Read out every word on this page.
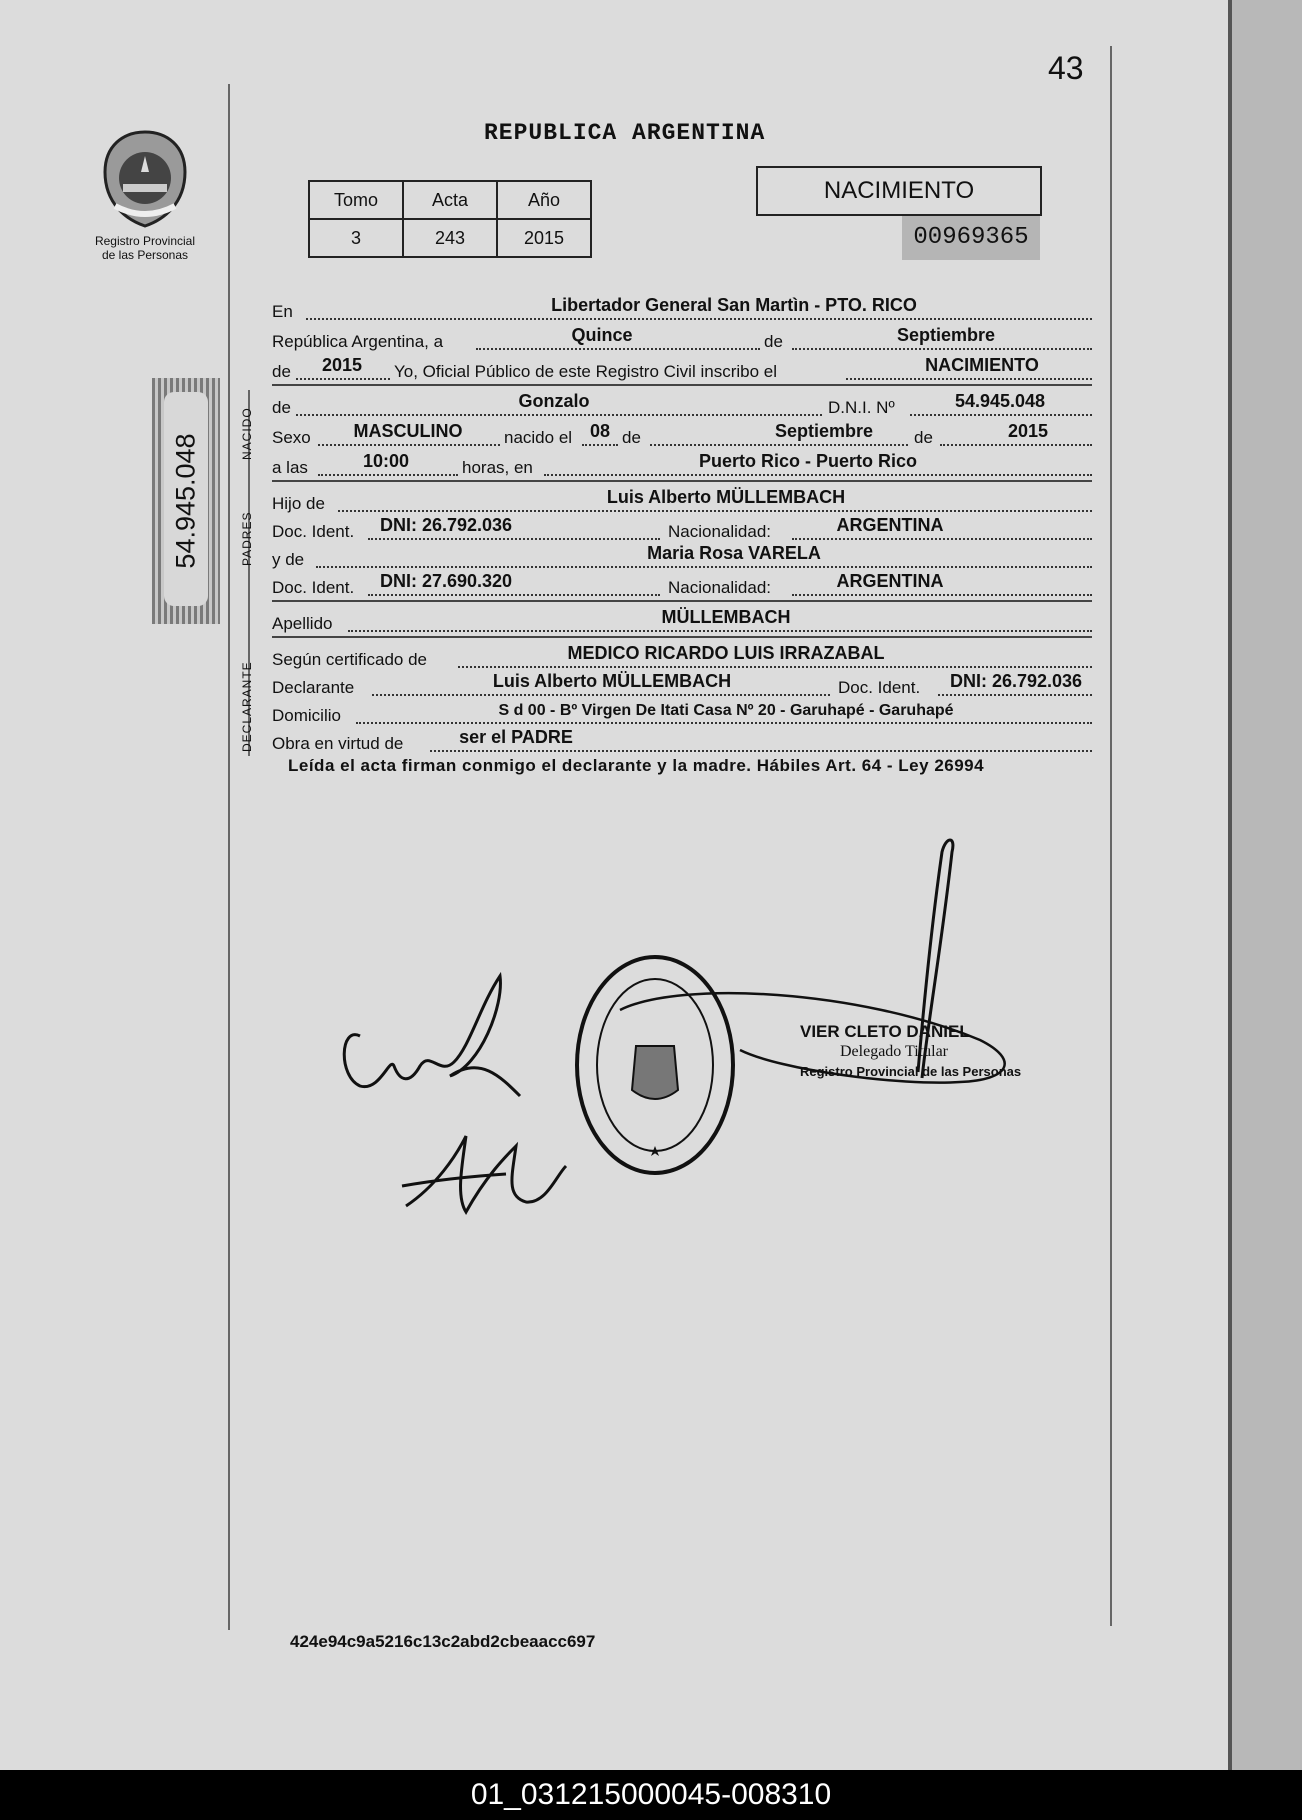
43
REPUBLICA ARGENTINA
Registro Provincial de las Personas
Tomo	Acta	Año
3	243	2015
NACIMIENTO
00969365
54.945.048	NACIDO
PADRES
DECLARANTE
En	Libertador General San Martìn - PTO. RICO
República Argentina, a	Quince	de	Septiembre
de 2015 Yo, Oficial Público de este Registro Civil inscribo el	NACIMIENTO
de	Gonzalo	D.N.I. Nº	54.945.048
Sexo MASCULINO nacido el 08 de	Septiembre de	2015
a las	10:00	horas, en	Puerto Rico - Puerto Rico
Hijo de	Luis Alberto MÜLLEMBACH
Doc. Ident. DNI: 26.792.036	Nacionalidad:	ARGENTINA
y de	Maria Rosa VARELA
Doc. Ident. DNI: 27.690.320	Nacionalidad:	ARGENTINA
Apellido	MÜLLEMBACH
Según certificado de	MEDICO RICARDO LUIS IRRAZABAL
Declarante	Luis Alberto MÜLLEMBACH	Doc. Ident. DNI: 26.792.036
Domicilio	S d 00 - Bº Virgen De Itati Casa Nº 20 - Garuhapé - Garuhapé
Obra en virtud de	ser el PADRE
Leída el acta firman conmigo el declarante y la madre. Hábiles Art. 64 - Ley 26994
VIER CLETO DANIEL
Delegado Titular
Registro Provincial de las Personas
424e94c9a5216c13c2abd2cbeaacc697
01_031215000045-008310
